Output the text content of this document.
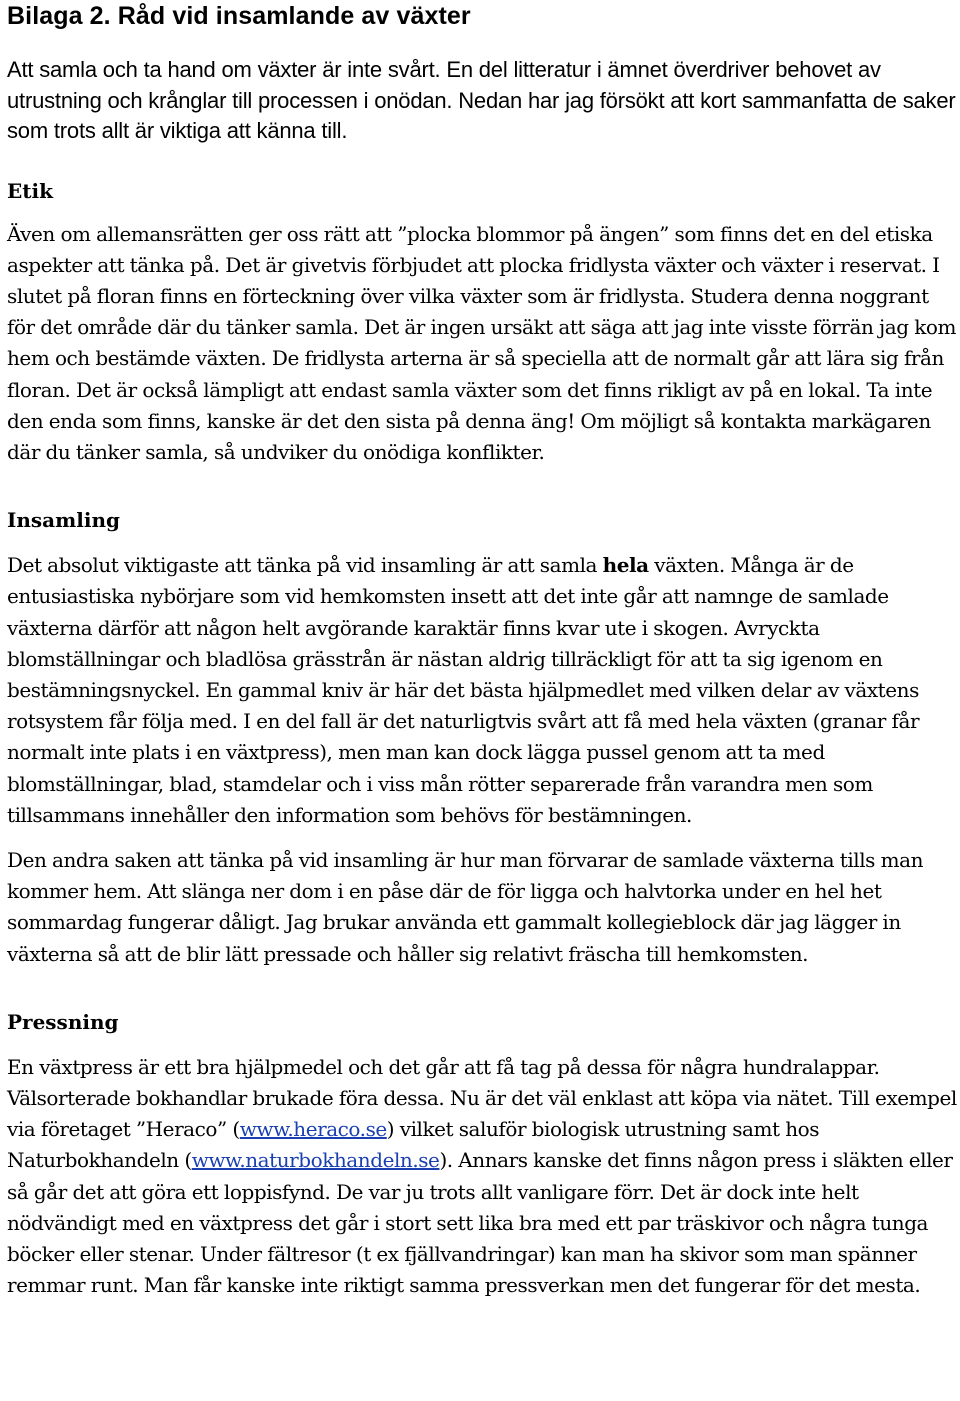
Bilaga 2. Råd vid insamlande av växter

Att samla och ta hand om växter är inte svårt. En del litteratur i ämnet överdriver behovet av utrustning och krånglar till processen i onödan. Nedan har jag försökt att kort sammanfatta de saker som trots allt är viktiga att känna till.

Etik

Även om allemansrätten ger oss rätt att ”plocka blommor på ängen” som finns det en del etiska aspekter att tänka på. Det är givetvis förbjudet att plocka fridlysta växter och växter i reservat. I slutet på floran finns en förteckning över vilka växter som är fridlysta. Studera denna noggrant för det område där du tänker samla. Det är ingen ursäkt att säga att jag inte visste förrän jag kom hem och bestämde växten. De fridlysta arterna är så speciella att de normalt går att lära sig från floran. Det är också lämpligt att endast samla växter som det finns rikligt av på en lokal. Ta inte den enda som finns, kanske är det den sista på denna äng! Om möjligt så kontakta markägaren där du tänker samla, så undviker du onödiga konflikter.

Insamling

Det absolut viktigaste att tänka på vid insamling är att samla hela växten. Många är de entusiastiska nybörjare som vid hemkomsten insett att det inte går att namnge de samlade växterna därför att någon helt avgörande karaktär finns kvar ute i skogen. Avryckta blomställningar och bladlösa grässtrån är nästan aldrig tillräckligt för att ta sig igenom en bestämningsnyckel. En gammal kniv är här det bästa hjälpmedlet med vilken delar av växtens rotsystem får följa med. I en del fall är det naturligtvis svårt att få med hela växten (granar får normalt inte plats i en växtpress), men man kan dock lägga pussel genom att ta med blomställningar, blad, stamdelar och i viss mån rötter separerade från varandra men som tillsammans innehåller den information som behövs för bestämningen.

Den andra saken att tänka på vid insamling är hur man förvarar de samlade växterna tills man kommer hem. Att slänga ner dom i en påse där de för ligga och halvtorka under en hel het sommardag fungerar dåligt. Jag brukar använda ett gammalt kollegieblock där jag lägger in växterna så att de blir lätt pressade och håller sig relativt fräscha till hemkomsten.

Pressning

En växtpress är ett bra hjälpmedel och det går att få tag på dessa för några hundralappar. Välsorterade bokhandlar brukade föra dessa. Nu är det väl enklast att köpa via nätet. Till exempel via företaget ”Heraco” (www.heraco.se) vilket saluför biologisk utrustning samt hos Naturbokhandeln (www.naturbokhandeln.se). Annars kanske det finns någon press i släkten eller så går det att göra ett loppisfynd. De var ju trots allt vanligare förr. Det är dock inte helt nödvändigt med en växtpress det går i stort sett lika bra med ett par träskivor och några tunga böcker eller stenar. Under fältresor (t ex fjällvandringar) kan man ha skivor som man spänner remmar runt. Man får kanske inte riktigt samma pressverkan men det fungerar för det mesta.
